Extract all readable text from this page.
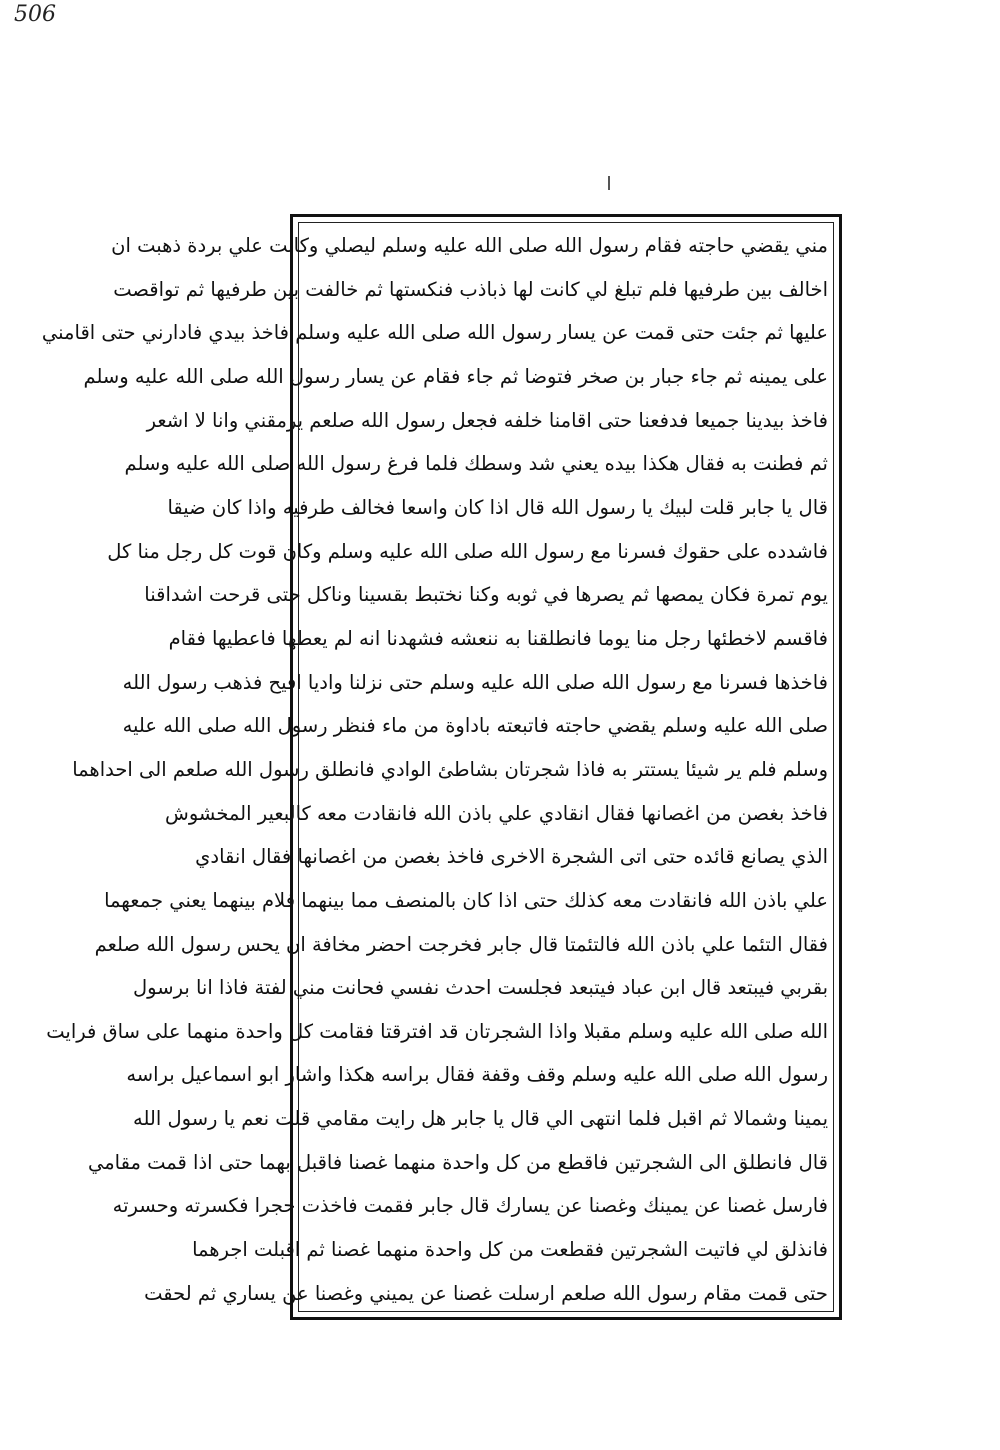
506
مني يقضي حاجته فقام رسول الله صلى الله عليه وسلم ليصلي وكانت علي بردة ذهبت ان
اخالف بين طرفيها فلم تبلغ لي كانت لها ذباذب فنكستها ثم خالفت بين طرفيها ثم تواقصت
عليها ثم جئت حتى قمت عن يسار رسول الله صلى الله عليه وسلم فاخذ بيدي فادارني حتى اقامني
على يمينه ثم جاء جبار بن صخر فتوضا ثم جاء فقام عن يسار رسول الله صلى الله عليه وسلم
فاخذ بيدينا جميعا فدفعنا حتى اقامنا خلفه فجعل رسول الله صلعم يرمقني وانا لا اشعر
ثم فطنت به فقال هكذا بيده يعني شد وسطك فلما فرغ رسول الله صلى الله عليه وسلم
قال يا جابر قلت لبيك يا رسول الله قال اذا كان واسعا فخالف طرفيه واذا كان ضيقا
فاشدده على حقوك فسرنا مع رسول الله صلى الله عليه وسلم وكان قوت كل رجل منا كل
يوم تمرة فكان يمصها ثم يصرها في ثوبه وكنا نختبط بقسينا وناكل حتى قرحت اشداقنا
فاقسم لاخطئها رجل منا يوما فانطلقنا به ننعشه فشهدنا انه لم يعطها فاعطيها فقام
فاخذها فسرنا مع رسول الله صلى الله عليه وسلم حتى نزلنا واديا افيح فذهب رسول الله
صلى الله عليه وسلم يقضي حاجته فاتبعته باداوة من ماء فنظر رسول الله صلى الله عليه
وسلم فلم ير شيئا يستتر به فاذا شجرتان بشاطئ الوادي فانطلق رسول الله صلعم الى احداهما
فاخذ بغصن من اغصانها فقال انقادي علي باذن الله فانقادت معه كالبعير المخشوش
الذي يصانع قائده حتى اتى الشجرة الاخرى فاخذ بغصن من اغصانها فقال انقادي
علي باذن الله فانقادت معه كذلك حتى اذا كان بالمنصف مما بينهما فلام بينهما يعني جمعهما
فقال التئما علي باذن الله فالتئمتا قال جابر فخرجت احضر مخافة ان يحس رسول الله صلعم
بقربي فيبتعد قال ابن عباد فيتبعد فجلست احدث نفسي فحانت مني لفتة فاذا انا برسول
الله صلى الله عليه وسلم مقبلا واذا الشجرتان قد افترقتا فقامت كل واحدة منهما على ساق فرايت
رسول الله صلى الله عليه وسلم وقف وقفة فقال براسه هكذا واشار ابو اسماعيل براسه
يمينا وشمالا ثم اقبل فلما انتهى الي قال يا جابر هل رايت مقامي قلت نعم يا رسول الله
قال فانطلق الى الشجرتين فاقطع من كل واحدة منهما غصنا فاقبل بهما حتى اذا قمت مقامي
فارسل غصنا عن يمينك وغصنا عن يسارك قال جابر فقمت فاخذت حجرا فكسرته وحسرته
فانذلق لي فاتيت الشجرتين فقطعت من كل واحدة منهما غصنا ثم اقبلت اجرهما
حتى قمت مقام رسول الله صلعم ارسلت غصنا عن يميني وغصنا عن يساري ثم لحقت
